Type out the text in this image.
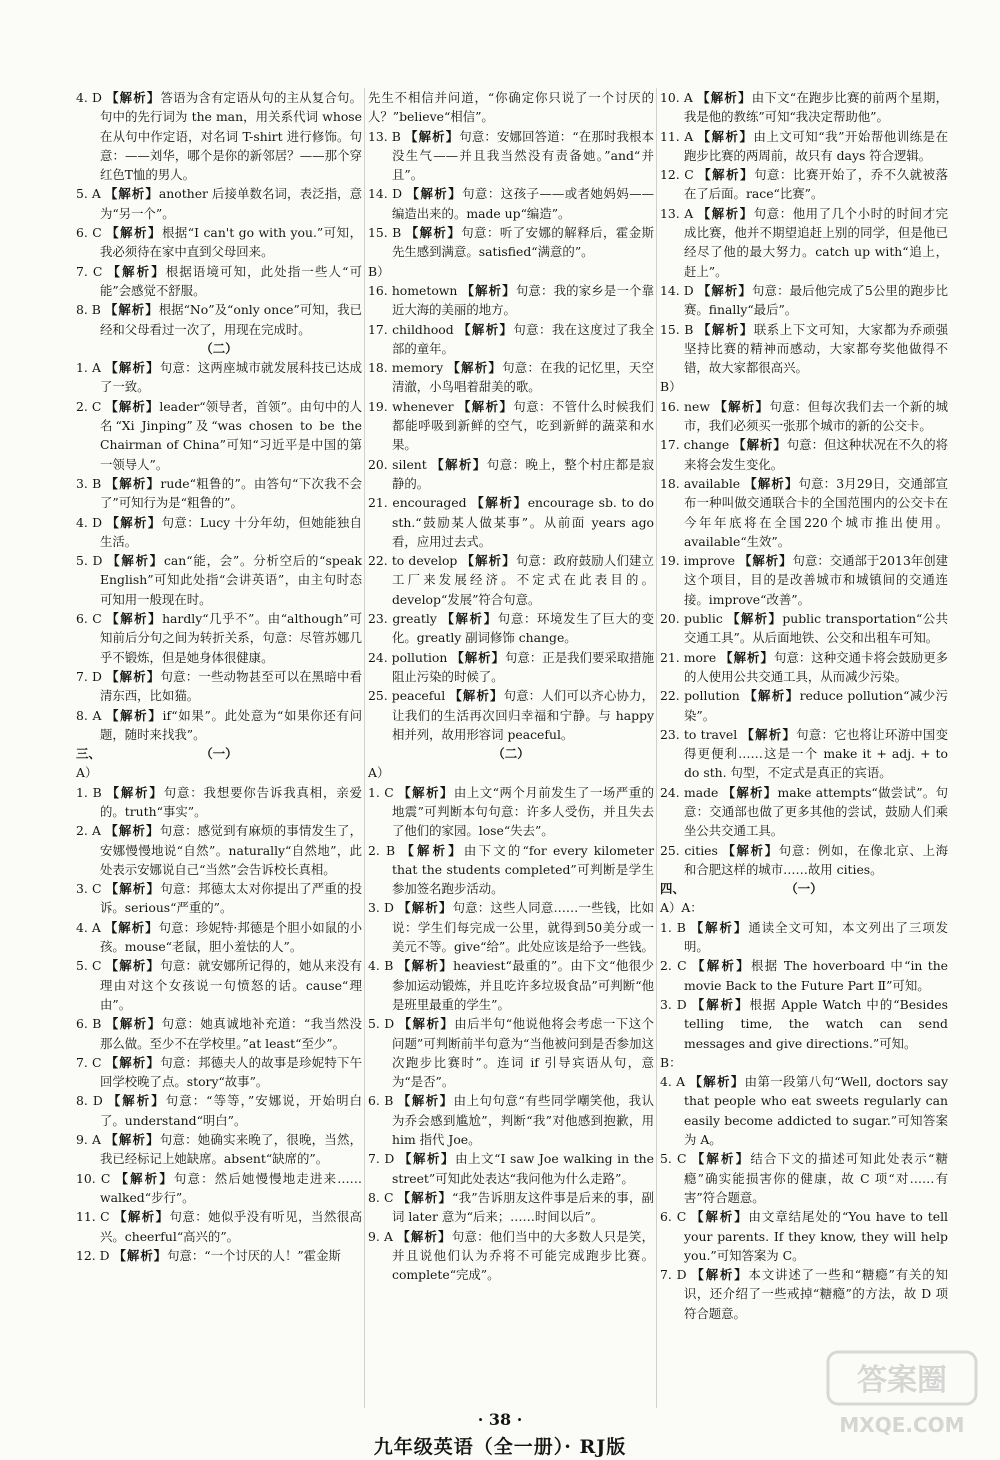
4. D 【解析】答语为含有定语从句的主从复合句。句中的先行词为 the man，用关系代词 whose 在从句中作定语，对名词 T-shirt 进行修饰。句意：——刘华，哪个是你的新邻居？——那个穿红色T恤的男人。

5. A 【解析】another 后接单数名词，表泛指，意为“另一个”。

6. C 【解析】根据“I can't go with you.”可知，我必须待在家中直到父母回来。

7. C 【解析】根据语境可知，此处指一些人“可能”会感觉不舒服。

8. B 【解析】根据“No”及“only once”可知，我已经和父母看过一次了，用现在完成时。

（二）

1. A 【解析】句意：这两座城市就发展科技已达成了一致。

2. C 【解析】leader“领导者，首领”。由句中的人名“Xi Jinping”及“was chosen to be the Chairman of China”可知“习近平是中国的第一领导人”。

3. B 【解析】rude“粗鲁的”。由答句“下次我不会了”可知行为是“粗鲁的”。

4. D 【解析】句意：Lucy 十分年幼，但她能独自生活。

5. D 【解析】can“能，会”。分析空后的“speak English”可知此处指“会讲英语”，由主句时态可知用一般现在时。

6. C 【解析】hardly“几乎不”。由“although”可知前后分句之间为转折关系，句意：尽管苏娜几乎不锻炼，但是她身体很健康。

7. D 【解析】句意：一些动物甚至可以在黑暗中看清东西，比如猫。

8. A 【解析】if“如果”。此处意为“如果你还有问题，随时来找我”。

三、	（一）

A）

1. B 【解析】句意：我想要你告诉我真相，亲爱的。truth“事实”。

2. A 【解析】句意：感觉到有麻烦的事情发生了，安娜慢慢地说“自然”。naturally“自然地”，此处表示安娜说自己“当然”会告诉校长真相。

3. C 【解析】句意：邦德太太对你提出了严重的投诉。serious“严重的”。

4. A 【解析】句意：珍妮特·邦德是个胆小如鼠的小孩。mouse“老鼠，胆小羞怯的人”。

5. C 【解析】句意：就安娜所记得的，她从来没有理由对这个女孩说一句愤怒的话。cause“理由”。

6. B 【解析】句意：她真诚地补充道：“我当然没那么做。至少不在学校里。”at least“至少”。

7. C 【解析】句意：邦德夫人的故事是珍妮特下午回学校晚了点。story“故事”。

8. D 【解析】句意：“等等，”安娜说，开始明白了。understand“明白”。

9. A 【解析】句意：她确实来晚了，很晚，当然，我已经标记上她缺席。absent“缺席的”。

10. C 【解析】句意：然后她慢慢地走进来……walked“步行”。

11. C 【解析】句意：她似乎没有听见，当然很高兴。cheerful“高兴的”。

12. D 【解析】句意：“一个讨厌的人！”霍金斯

先生不相信并问道，“你确定你只说了一个讨厌的人？”believe“相信”。

13. B 【解析】句意：安娜回答道：“在那时我根本没生气——并且我当然没有责备她。”and“并且”。

14. D 【解析】句意：这孩子——或者她妈妈——编造出来的。made up“编造”。

15. B 【解析】句意：听了安娜的解释后，霍金斯先生感到满意。satisfied“满意的”。

B）

16. hometown 【解析】句意：我的家乡是一个靠近大海的美丽的地方。

17. childhood 【解析】句意：我在这度过了我全部的童年。

18. memory 【解析】句意：在我的记忆里，天空清澈，小鸟唱着甜美的歌。

19. whenever 【解析】句意：不管什么时候我们都能呼吸到新鲜的空气，吃到新鲜的蔬菜和水果。

20. silent 【解析】句意：晚上，整个村庄都是寂静的。

21. encouraged 【解析】encourage sb. to do sth.“鼓励某人做某事”。从前面 years ago 看，应用过去式。

22. to develop 【解析】句意：政府鼓励人们建立工厂来发展经济。不定式在此表目的。develop“发展”符合句意。

23. greatly 【解析】句意：环境发生了巨大的变化。greatly 副词修饰 change。

24. pollution 【解析】句意：正是我们要采取措施阻止污染的时候了。

25. peaceful 【解析】句意：人们可以齐心协力，让我们的生活再次回归幸福和宁静。与 happy 相并列，故用形容词 peaceful。

（二）

A）

1. C 【解析】由上文“两个月前发生了一场严重的地震”可判断本句句意：许多人受伤，并且失去了他们的家园。lose“失去”。

2. B 【解析】由下文的“for every kilometer that the students completed”可判断是学生参加签名跑步活动。

3. D 【解析】句意：这些人同意……一些钱，比如说：学生们每完成一公里，就得到50美分或一美元不等。give“给”。此处应该是给予一些钱。

4. B 【解析】heaviest“最重的”。由下文“他很少参加运动锻炼，并且吃许多垃圾食品”可判断“他是班里最重的学生”。

5. D 【解析】由后半句“他说他将会考虑一下这个问题”可判断前半句意为“当他被问到是否参加这次跑步比赛时”。连词 if 引导宾语从句，意为“是否”。

6. B 【解析】由上句句意“有些同学嘲笑他，我认为乔会感到尴尬”，判断“我”对他感到抱歉，用 him 指代 Joe。

7. D 【解析】由上文“I saw Joe walking in the street”可知此处表达“我问他为什么走路”。

8. C 【解析】“我”告诉朋友这件事是后来的事，副词 later 意为“后来；……时间以后”。

9. A 【解析】句意：他们当中的大多数人只是笑，并且说他们认为乔将不可能完成跑步比赛。complete“完成”。

10. A 【解析】由下文“在跑步比赛的前两个星期，我是他的教练”可知“我决定帮助他”。

11. A 【解析】由上文可知“我”开始帮他训练是在跑步比赛的两周前，故只有 days 符合逻辑。

12. C 【解析】句意：比赛开始了，乔不久就被落在了后面。race“比赛”。

13. A 【解析】句意：他用了几个小时的时间才完成比赛，他并不期望追赶上别的同学，但是他已经尽了他的最大努力。catch up with“追上，赶上”。

14. D 【解析】句意：最后他完成了5公里的跑步比赛。finally“最后”。

15. B 【解析】联系上下文可知，大家都为乔顽强坚持比赛的精神而感动，大家都夸奖他做得不错，故大家都很高兴。

B）

16. new 【解析】句意：但每次我们去一个新的城市，我们必须买一张那个城市的新的公交卡。

17. change 【解析】句意：但这种状况在不久的将来将会发生变化。

18. available 【解析】句意：3月29日，交通部宣布一种叫做交通联合卡的全国范围内的公交卡在今年年底将在全国220个城市推出使用。available“生效”。

19. improve 【解析】句意：交通部于2013年创建这个项目，目的是改善城市和城镇间的交通连接。improve“改善”。

20. public 【解析】public transportation“公共交通工具”。从后面地铁、公交和出租车可知。

21. more 【解析】句意：这种交通卡将会鼓励更多的人使用公共交通工具，从而减少污染。

22. pollution 【解析】reduce pollution“减少污染”。

23. to travel 【解析】句意：它也将让环游中国变得更便利……这是一个 make it + adj. + to do sth. 句型，不定式是真正的宾语。

24. made 【解析】make attempts“做尝试”。句意：交通部也做了更多其他的尝试，鼓励人们乘坐公共交通工具。

25. cities 【解析】句意：例如，在像北京、上海和合肥这样的城市……故用 cities。

四、	（一）

A）A：

1. B 【解析】通读全文可知，本文列出了三项发明。

2. C 【解析】根据 The hoverboard 中“in the movie Back to the Future Part Ⅱ”可知。

3. D 【解析】根据 Apple Watch 中的“Besides telling time, the watch can send messages and give directions.”可知。

B：

4. A 【解析】由第一段第八句“Well, doctors say that people who eat sweets regularly can easily become addicted to sugar.”可知答案为 A。

5. C 【解析】结合下文的描述可知此处表示“糖瘾”确实能损害你的健康，故 C 项“对……有害”符合题意。

6. C 【解析】由文章结尾处的“You have to tell your parents. If they know, they will help you.”可知答案为 C。

7. D 【解析】本文讲述了一些和“糖瘾”有关的知识，还介绍了一些戒掉“糖瘾”的方法，故 D 项符合题意。

· 38 ·
九年级英语（全一册）· RJ版
答案圈
MXQE.COM
